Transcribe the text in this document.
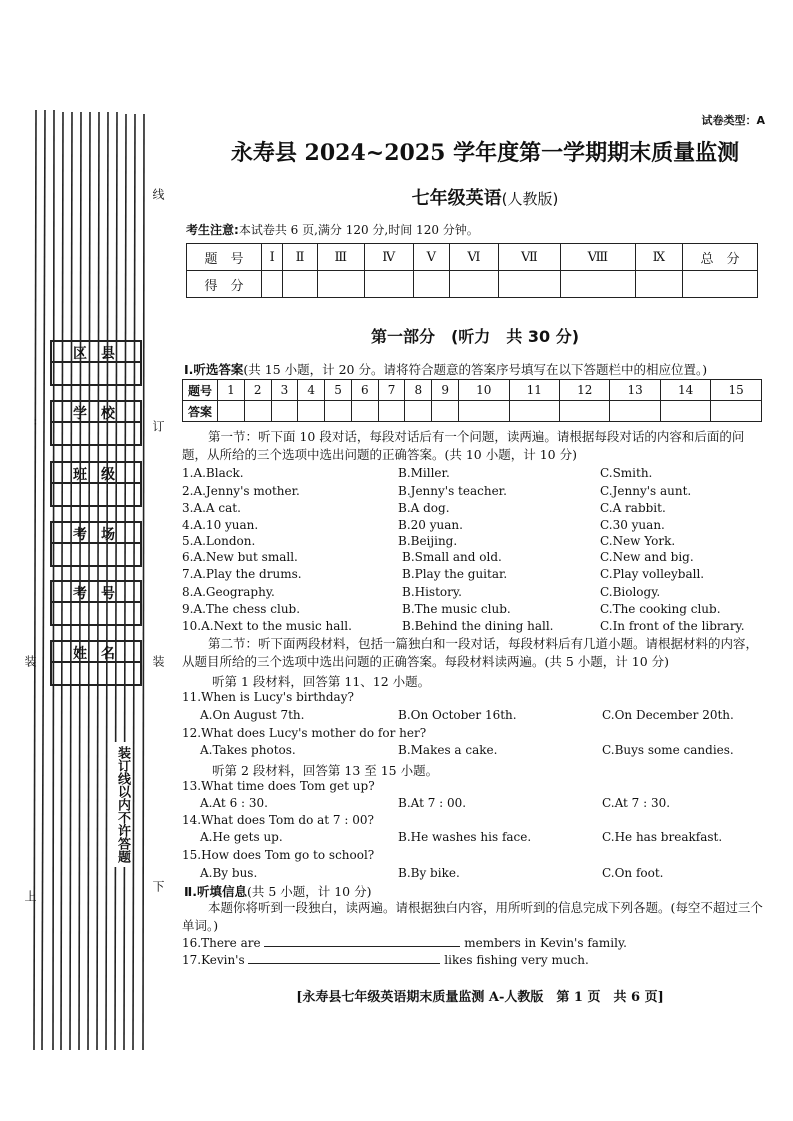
区县
学校
班级
考场
考号
姓名
线
订
装
下
装
上
··
装订线以内不许答题
试卷类型：A
永寿县 2024~2025 学年度第一学期期末质量监测
七年级英语(人教版)
考生注意:本试卷共 6 页,满分 120 分,时间 120 分钟。
题　号	Ⅰ	Ⅱ	Ⅲ	Ⅳ	Ⅴ	Ⅵ	Ⅶ	Ⅷ	Ⅸ	总　分
得　分										
第一部分　(听力　共 30 分)
Ⅰ.听选答案(共 15 小题，计 20 分。请将符合题意的答案序号填写在以下答题栏中的相应位置。)
题号	1	2	3	4	5	6	7	8	9	10	11	12	13	14	15
答案															
第一节：听下面 10 段对话，每段对话后有一个问题，读两遍。请根据每段对话的内容和后面的问题，从所给的三个选项中选出问题的正确答案。(共 10 小题，计 10 分)
1.A.Black.	B.Miller.	C.Smith.
2.A.Jenny's mother.	B.Jenny's teacher.	C.Jenny's aunt.
3.A.A cat.	B.A dog.	C.A rabbit.
4.A.10 yuan.	B.20 yuan.	C.30 yuan.
5.A.London.	B.Beijing.	C.New York.
6.A.New but small.	B.Small and old.	C.New and big.
7.A.Play the drums.	B.Play the guitar.	C.Play volleyball.
8.A.Geography.	B.History.	C.Biology.
9.A.The chess club.	B.The music club.	C.The cooking club.
10.A.Next to the music hall.	B.Behind the dining hall.	C.In front of the library.
第二节：听下面两段材料，包括一篇独白和一段对话，每段材料后有几道小题。请根据材料的内容，从题目所给的三个选项中选出问题的正确答案。每段材料读两遍。(共 5 小题，计 10 分)
听第 1 段材料，回答第 11、12 小题。
11.When is Lucy's birthday?
A.On August 7th.	B.On October 16th.	C.On December 20th.
12.What does Lucy's mother do for her?
A.Takes photos.	B.Makes a cake.	C.Buys some candies.
听第 2 段材料，回答第 13 至 15 小题。
13.What time does Tom get up?
A.At 6 : 30.	B.At 7 : 00.	C.At 7 : 30.
14.What does Tom do at 7 : 00?
A.He gets up.	B.He washes his face.	C.He has breakfast.
15.How does Tom go to school?
A.By bus.	B.By bike.	C.On foot.
Ⅱ.听填信息(共 5 小题，计 10 分)
本题你将听到一段独白，读两遍。请根据独白内容，用所听到的信息完成下列各题。(每空不超过三个单词。)
16.There are	members in Kevin's family.
17.Kevin's	likes fishing very much.
[永寿县七年级英语期末质量监测 A-人教版　第 1 页　共 6 页]
